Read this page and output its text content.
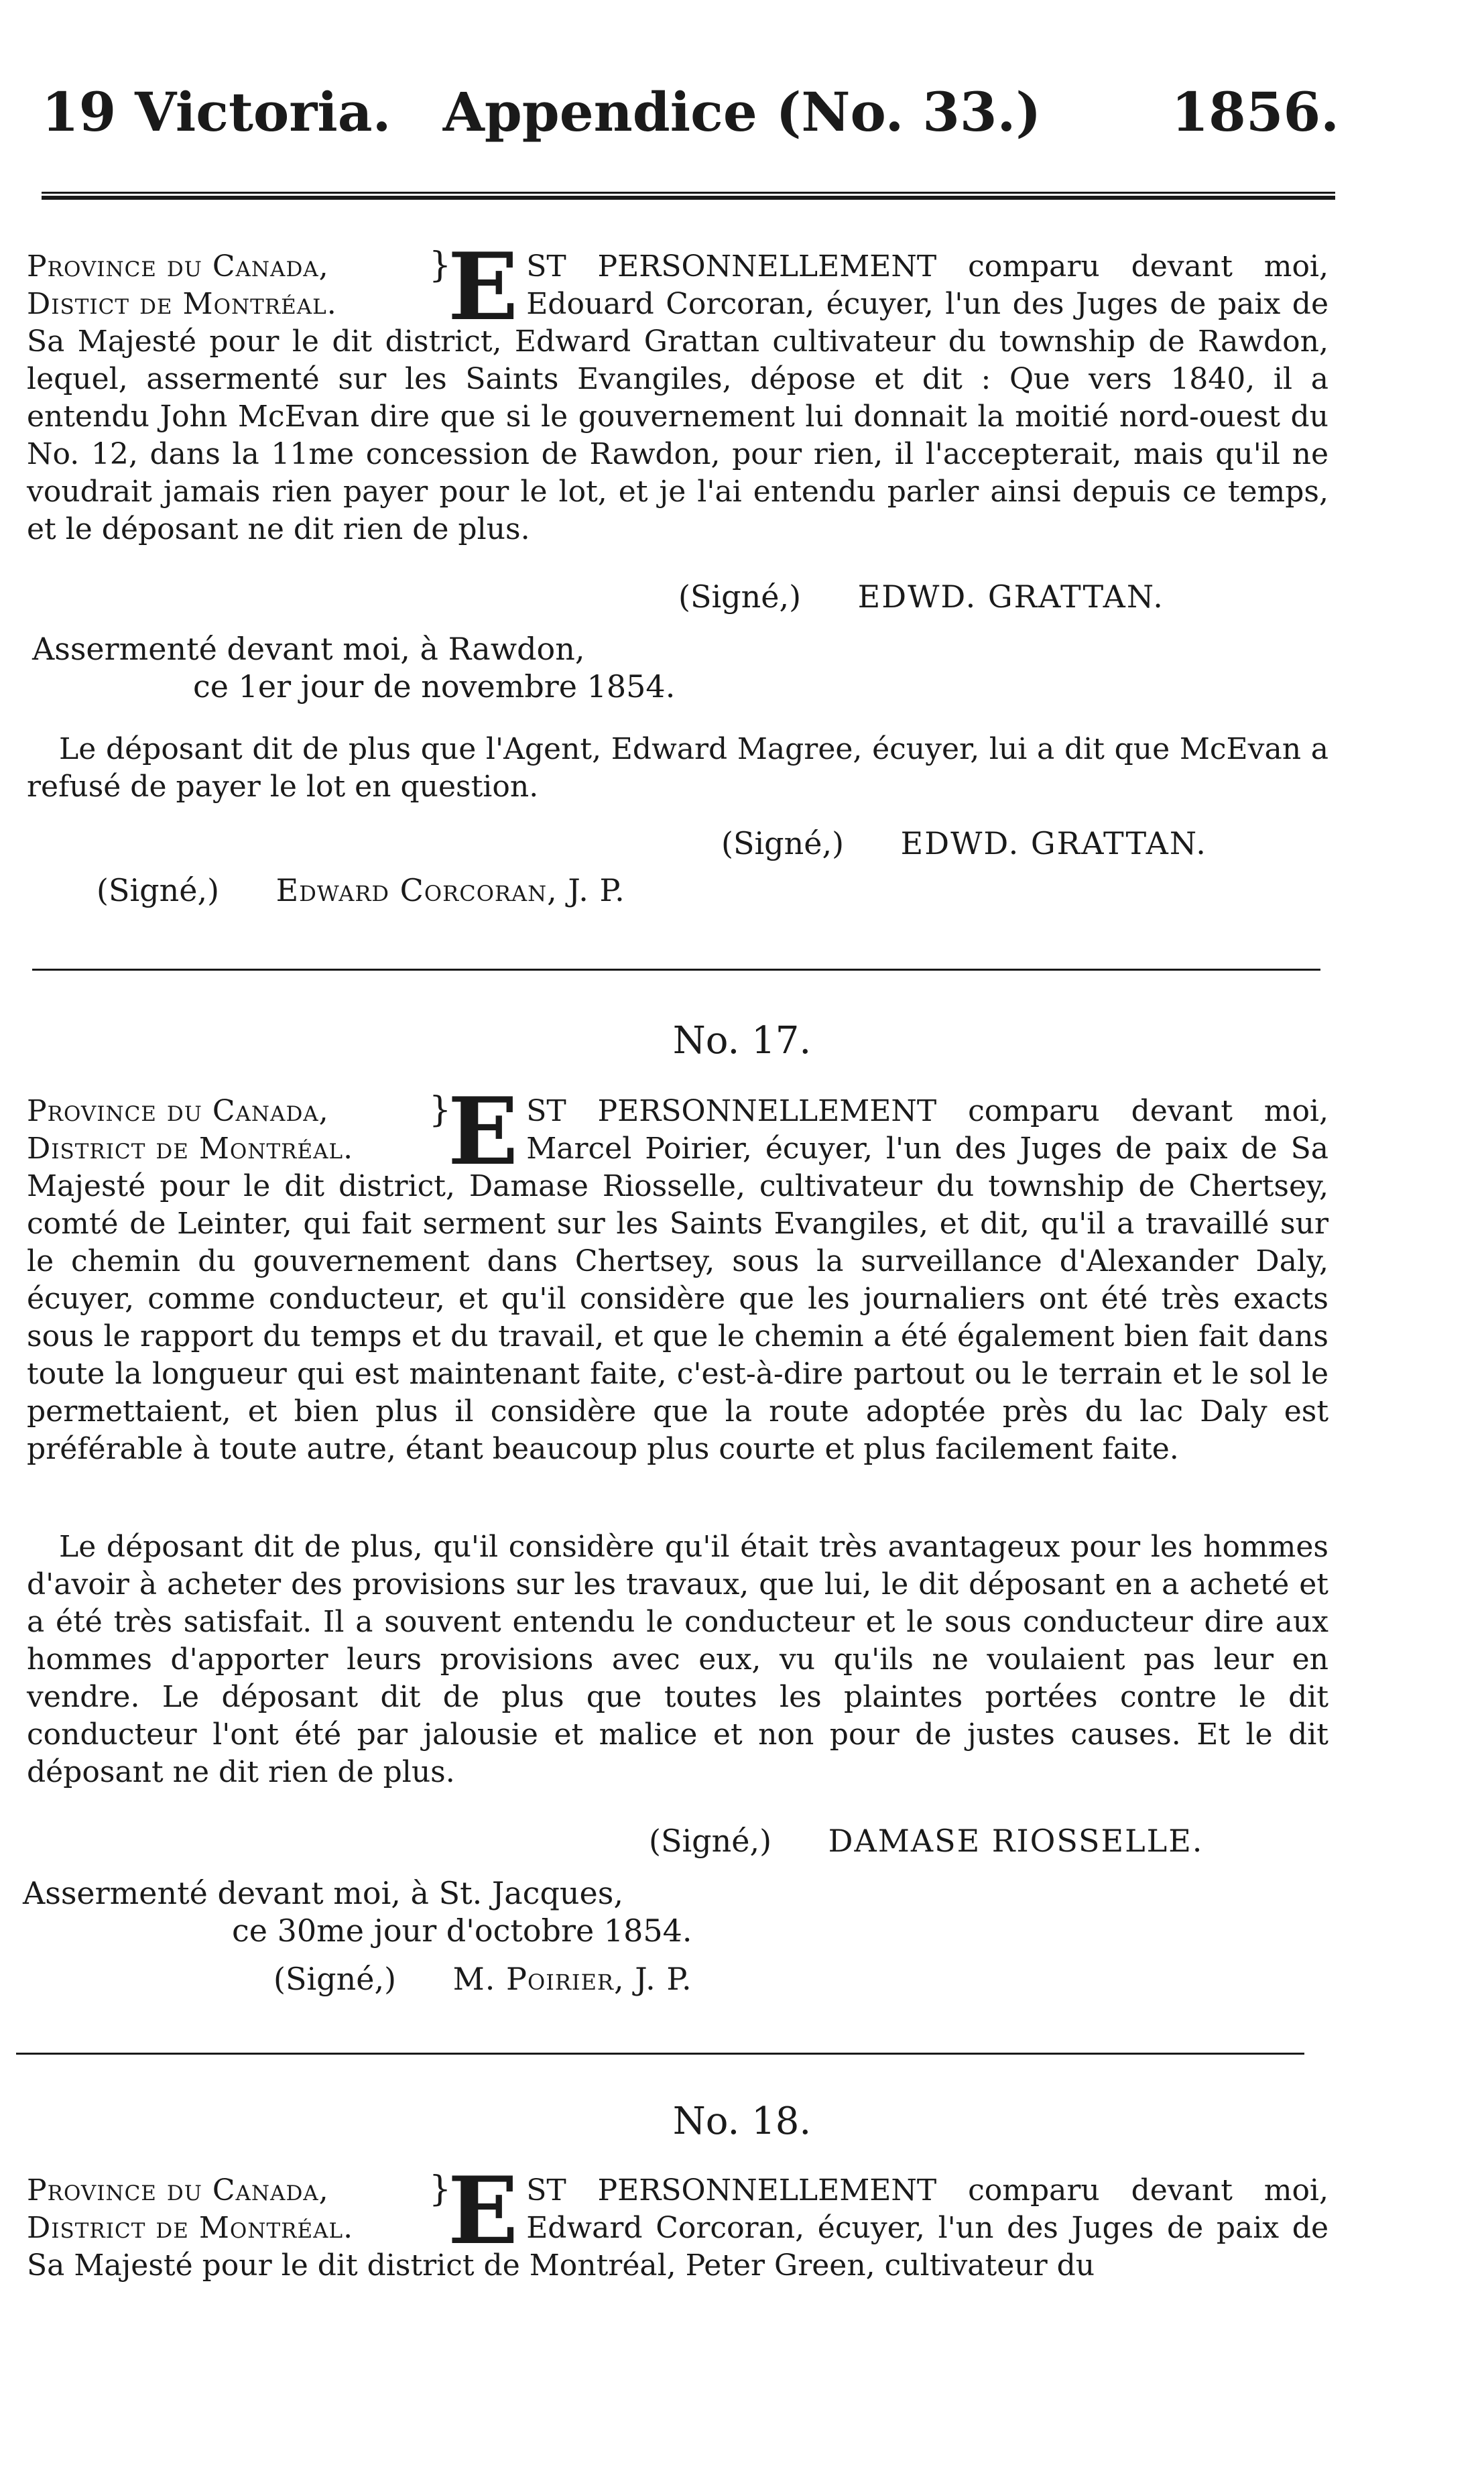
19 Victoria. Appendice (No. 33.)	1856.
Province du Canada,
Distict de Montréal.
}
E ST PERSONNELLEMENT comparu devant moi, Edouard Corcoran, écuyer, l'un des Juges de paix de Sa Majesté pour le dit district, Edward Grattan cultivateur du township de Rawdon, lequel, assermenté sur les Saints Evangiles, dépose et dit : Que vers 1840, il a entendu John McEvan dire que si le gouvernement lui donnait la moitié nord-ouest du No. 12, dans la 11me concession de Rawdon, pour rien, il l'accepterait, mais qu'il ne voudrait jamais rien payer pour le lot, et je l'ai entendu parler ainsi depuis ce temps, et le déposant ne dit rien de plus.
(Signé,) EDWD. GRATTAN.
Assermenté devant moi, à Rawdon,
ce 1er jour de novembre 1854.
Le déposant dit de plus que l'Agent, Edward Magree, écuyer, lui a dit que McEvan a refusé de payer le lot en question.
(Signé,) EDWD. GRATTAN.
(Signé,) Edward Corcoran, J. P.
No. 17.
Province du Canada,
District de Montréal.
}
E ST PERSONNELLEMENT comparu devant moi, Marcel Poirier, écuyer, l'un des Juges de paix de Sa Majesté pour le dit district, Damase Riosselle, cultivateur du township de Chertsey, comté de Leinter, qui fait serment sur les Saints Evangiles, et dit, qu'il a travaillé sur le chemin du gouvernement dans Chertsey, sous la surveillance d'Alexander Daly, écuyer, comme conducteur, et qu'il considère que les journaliers ont été très exacts sous le rapport du temps et du travail, et que le chemin a été également bien fait dans toute la longueur qui est maintenant faite, c'est-à-dire partout ou le terrain et le sol le permettaient, et bien plus il considère que la route adoptée près du lac Daly est préférable à toute autre, étant beaucoup plus courte et plus facilement faite.
Le déposant dit de plus, qu'il considère qu'il était très avantageux pour les hommes d'avoir à acheter des provisions sur les travaux, que lui, le dit déposant en a acheté et a été très satisfait. Il a souvent entendu le conducteur et le sous conducteur dire aux hommes d'apporter leurs provisions avec eux, vu qu'ils ne voulaient pas leur en vendre. Le déposant dit de plus que toutes les plaintes portées contre le dit conducteur l'ont été par jalousie et malice et non pour de justes causes. Et le dit déposant ne dit rien de plus.
(Signé,) DAMASE RIOSSELLE.
Assermenté devant moi, à St. Jacques,
ce 30me jour d'octobre 1854.
(Signé,) M. Poirier, J. P.
No. 18.
Province du Canada,
District de Montréal.
}
E ST PERSONNELLEMENT comparu devant moi, Edward Corcoran, écuyer, l'un des Juges de paix de Sa Majesté pour le dit district de Montréal, Peter Green, cultivateur du
